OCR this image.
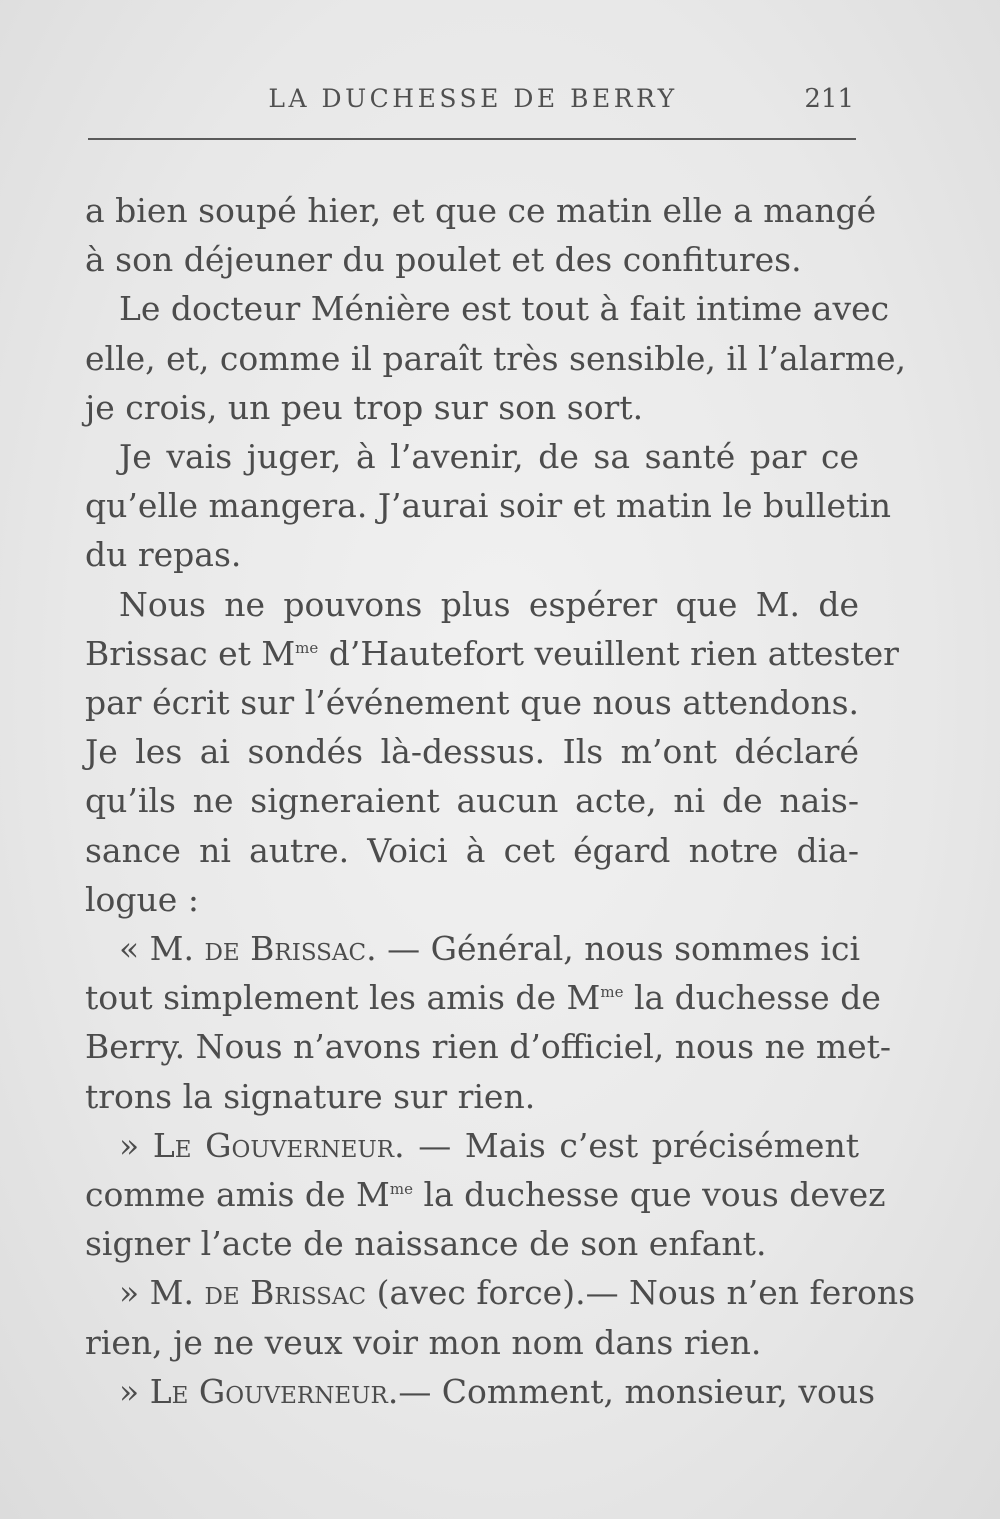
LA DUCHESSE DE BERRY	211
a bien soupé hier, et que ce matin elle a mangé
à son déjeuner du poulet et des confitures.
Le docteur Ménière est tout à fait intime avec
elle, et, comme il paraît très sensible, il l’alarme,
je crois, un peu trop sur son sort.
Je vais juger, à l’avenir, de sa santé par ce
qu’elle mangera. J’aurai soir et matin le bulletin
du repas.
Nous ne pouvons plus espérer que M. de
Brissac et $M^{me}$ d’Hautefort veuillent rien attester
par écrit sur l’événement que nous attendons.
Je les ai sondés là-dessus. Ils m’ont déclaré
qu’ils ne signeraient aucun acte, ni de nais-
sance ni autre. Voici à cet égard notre dia-
logue :
« M. de Brissac. — Général, nous sommes ici
tout simplement les amis de $M^{me}$ la duchesse de
Berry. Nous n’avons rien d’officiel, nous ne met-
trons la signature sur rien.
» Le Gouverneur. — Mais c’est précisément
comme amis de $M^{me}$ la duchesse que vous devez
signer l’acte de naissance de son enfant.
» M. de Brissac (avec force).— Nous n’en ferons
rien, je ne veux voir mon nom dans rien.
» Le Gouverneur.— Comment, monsieur, vous
